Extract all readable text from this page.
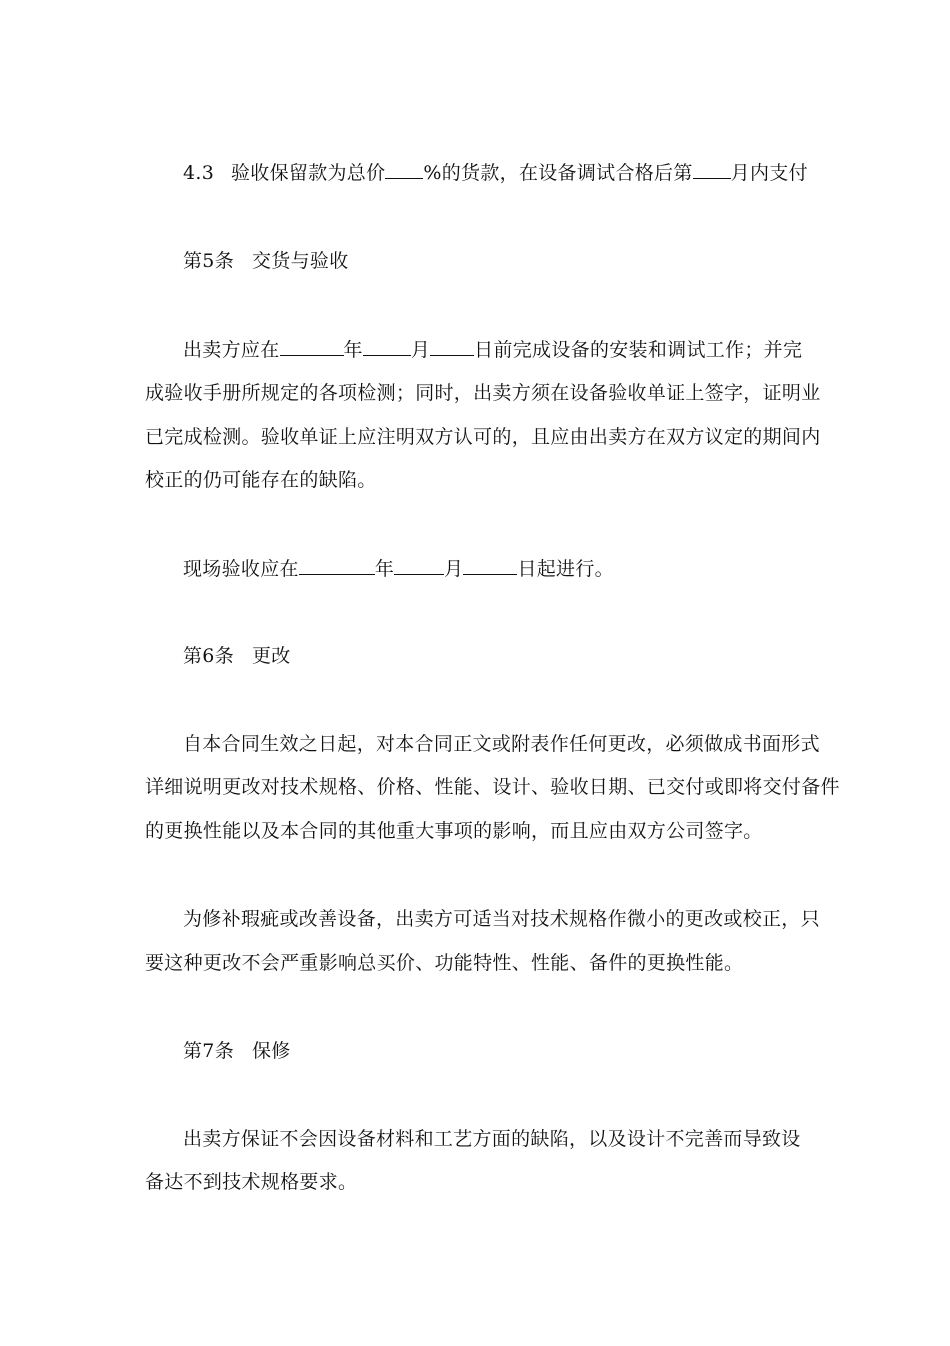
4.3 验收保留款为总价 %的货款，在设备调试合格后第 月内支付
第5条 交货与验收
出卖方应在	年	月 日前完成设备的安装和调试工作；并完
成验收手册所规定的各项检测；同时，出卖方须在设备验收单证上签字，证明业
已完成检测。验收单证上应注明双方认可的，且应由出卖方在双方议定的期间内
校正的仍可能存在的缺陷。
现场验收应在	年	月	日起进行。
第6条 更改
自本合同生效之日起，对本合同正文或附表作任何更改，必须做成书面形式
详细说明更改对技术规格、价格、性能、设计、验收日期、已交付或即将交付备件
的更换性能以及本合同的其他重大事项的影响，而且应由双方公司签字。
为修补瑕疵或改善设备，出卖方可适当对技术规格作微小的更改或校正，只
要这种更改不会严重影响总买价、功能特性、性能、备件的更换性能。
第7条 保修
出卖方保证不会因设备材料和工艺方面的缺陷，以及设计不完善而导致设
备达不到技术规格要求。
